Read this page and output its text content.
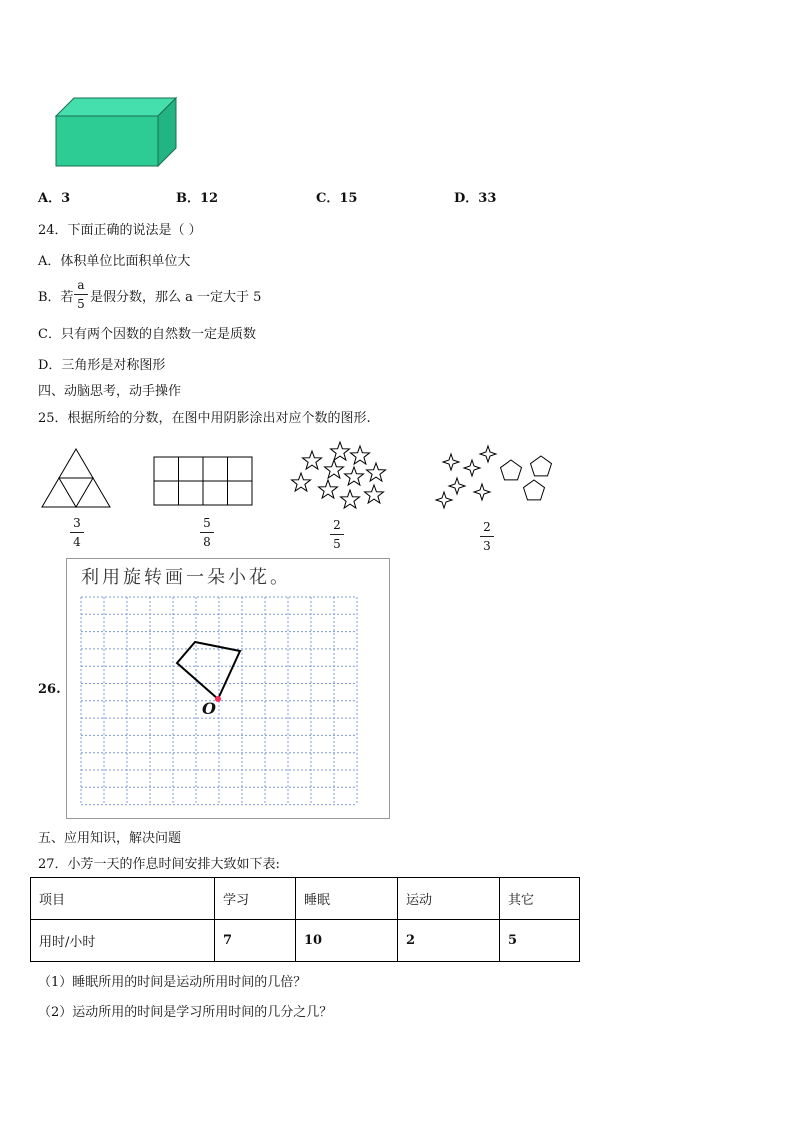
A．3	B．12	C．15	D．33
24．下面正确的说法是（ ）
A．体积单位比面积单位大
B．若
a
5 是假分数，那么 a 一定大于 5
C．只有两个因数的自然数一定是质数
D．三角形是对称图形
四、动脑思考，动手操作
25．根据所给的分数，在图中用阴影涂出对应个数的图形.
3
4
5
8
2
5
2
3
26.
利用旋转画一朵小花。
O
五、应用知识，解决问题
27．小芳一天的作息时间安排大致如下表:
项目	学习	睡眠	运动	其它
用时/小时	7	10	2	5
（1）睡眠所用的时间是运动所用时间的几倍？
（2）运动所用的时间是学习所用时间的几分之几？
